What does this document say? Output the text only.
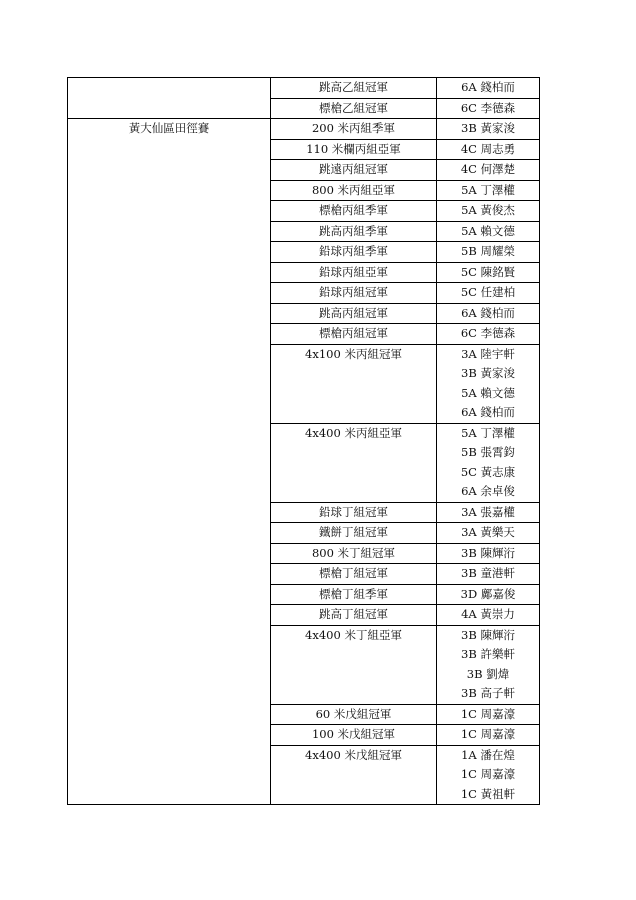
	跳高乙組冠軍	6A 錢柏而

	標槍乙組冠軍	6C 李德森

黃大仙區田徑賽	200 米丙組季軍	3B 黃家浚

	110 米欄丙組亞軍	4C 周志勇

	跳遠丙組冠軍	4C 何澤楚

	800 米丙組亞軍	5A 丁澤權

	標槍丙組季軍	5A 黃俊杰

	跳高丙組季軍	5A 賴文德

	鉛球丙組季軍	5B 周耀榮

	鉛球丙組亞軍	5C 陳銘賢

	鉛球丙組冠軍	5C 任建柏

	跳高丙組冠軍	6A 錢柏而

	標槍丙組冠軍	6C 李德森

	4x100 米丙組冠軍	3A 陸宇軒
3B 黃家浚
5A 賴文德
6A 錢柏而

	4x400 米丙組亞軍	5A 丁澤權
5B 張霄鈞
5C 黃志康
6A 余卓俊

	鉛球丁組冠軍	3A 張嘉權

	鐵餅丁組冠軍	3A 黃樂天

	800 米丁組冠軍	3B 陳輝洐

	標槍丁組冠軍	3B 童港軒

	標槍丁組季軍	3D 鄺嘉俊

	跳高丁組冠軍	4A 黃崇力

	4x400 米丁組亞軍	3B 陳輝洐
3B 許樂軒
3B 劉煒
3B 高子軒

	60 米戊組冠軍	1C 周嘉濠

	100 米戊組冠軍	1C 周嘉濠

	4x400 米戊組冠軍	1A 潘在煌
1C 周嘉濠
1C 黃祖軒
